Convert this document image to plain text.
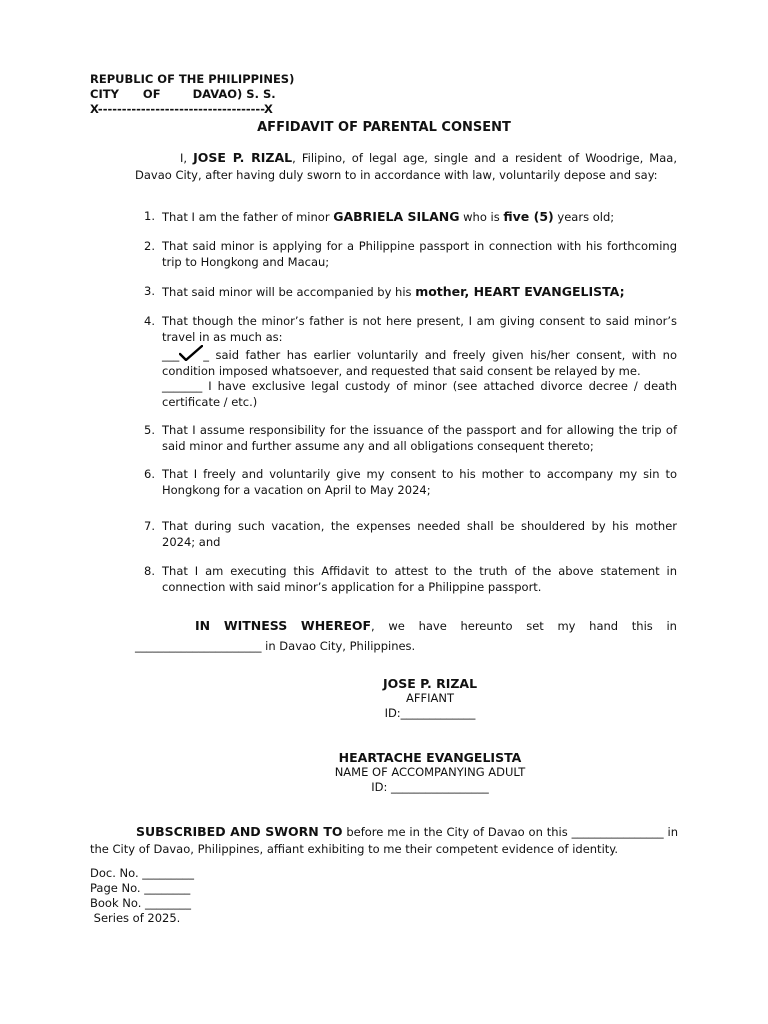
REPUBLIC OF THE PHILIPPINES)
CITY      OF        DAVAO) S. S.
X-----------------------------------X
AFFIDAVIT OF PARENTAL CONSENT
I, JOSE P. RIZAL, Filipino, of legal age, single and a resident of Woodrige, Maa, Davao City, after having duly sworn to in accordance with law, voluntarily depose and say:
1. That I am the father of minor GABRIELA SILANG who is five (5) years old;
2. That said minor is applying for a Philippine passport in connection with his forthcoming trip to Hongkong and Macau;
3. That said minor will be accompanied by his mother, HEART EVANGELISTA;
4. That though the minor’s father is not here present, I am giving consent to said minor’s travel in as much as:
___ _ said father has earlier voluntarily and freely given his/her consent, with no condition imposed whatsoever, and requested that said consent be relayed by me.
_______ I have exclusive legal custody of minor (see attached divorce decree / death certificate / etc.)
5. That I assume responsibility for the issuance of the passport and for allowing the trip of said minor and further assume any and all obligations consequent thereto;
6. That I freely and voluntarily give my consent to his mother to accompany my sin to Hongkong for a vacation on April to May 2024;
7. That during such vacation, the expenses needed shall be shouldered by his mother 2024; and
8. That I am executing this Affidavit to attest to the truth of the above statement in connection with said minor’s application for a Philippine passport.
IN WITNESS WHEREOF, we have hereunto set my hand this in
______________________ in Davao City, Philippines.
JOSE P. RIZAL
AFFIANT
ID:_____________
HEARTACHE EVANGELISTA
NAME OF ACCOMPANYING ADULT
ID: _________________
SUBSCRIBED AND SWORN TO before me in the City of Davao on this ________________ in the City of Davao, Philippines, affiant exhibiting to me their competent evidence of identity.
Doc. No. _________
Page No. ________
Book No. ________
Series of 2025.
